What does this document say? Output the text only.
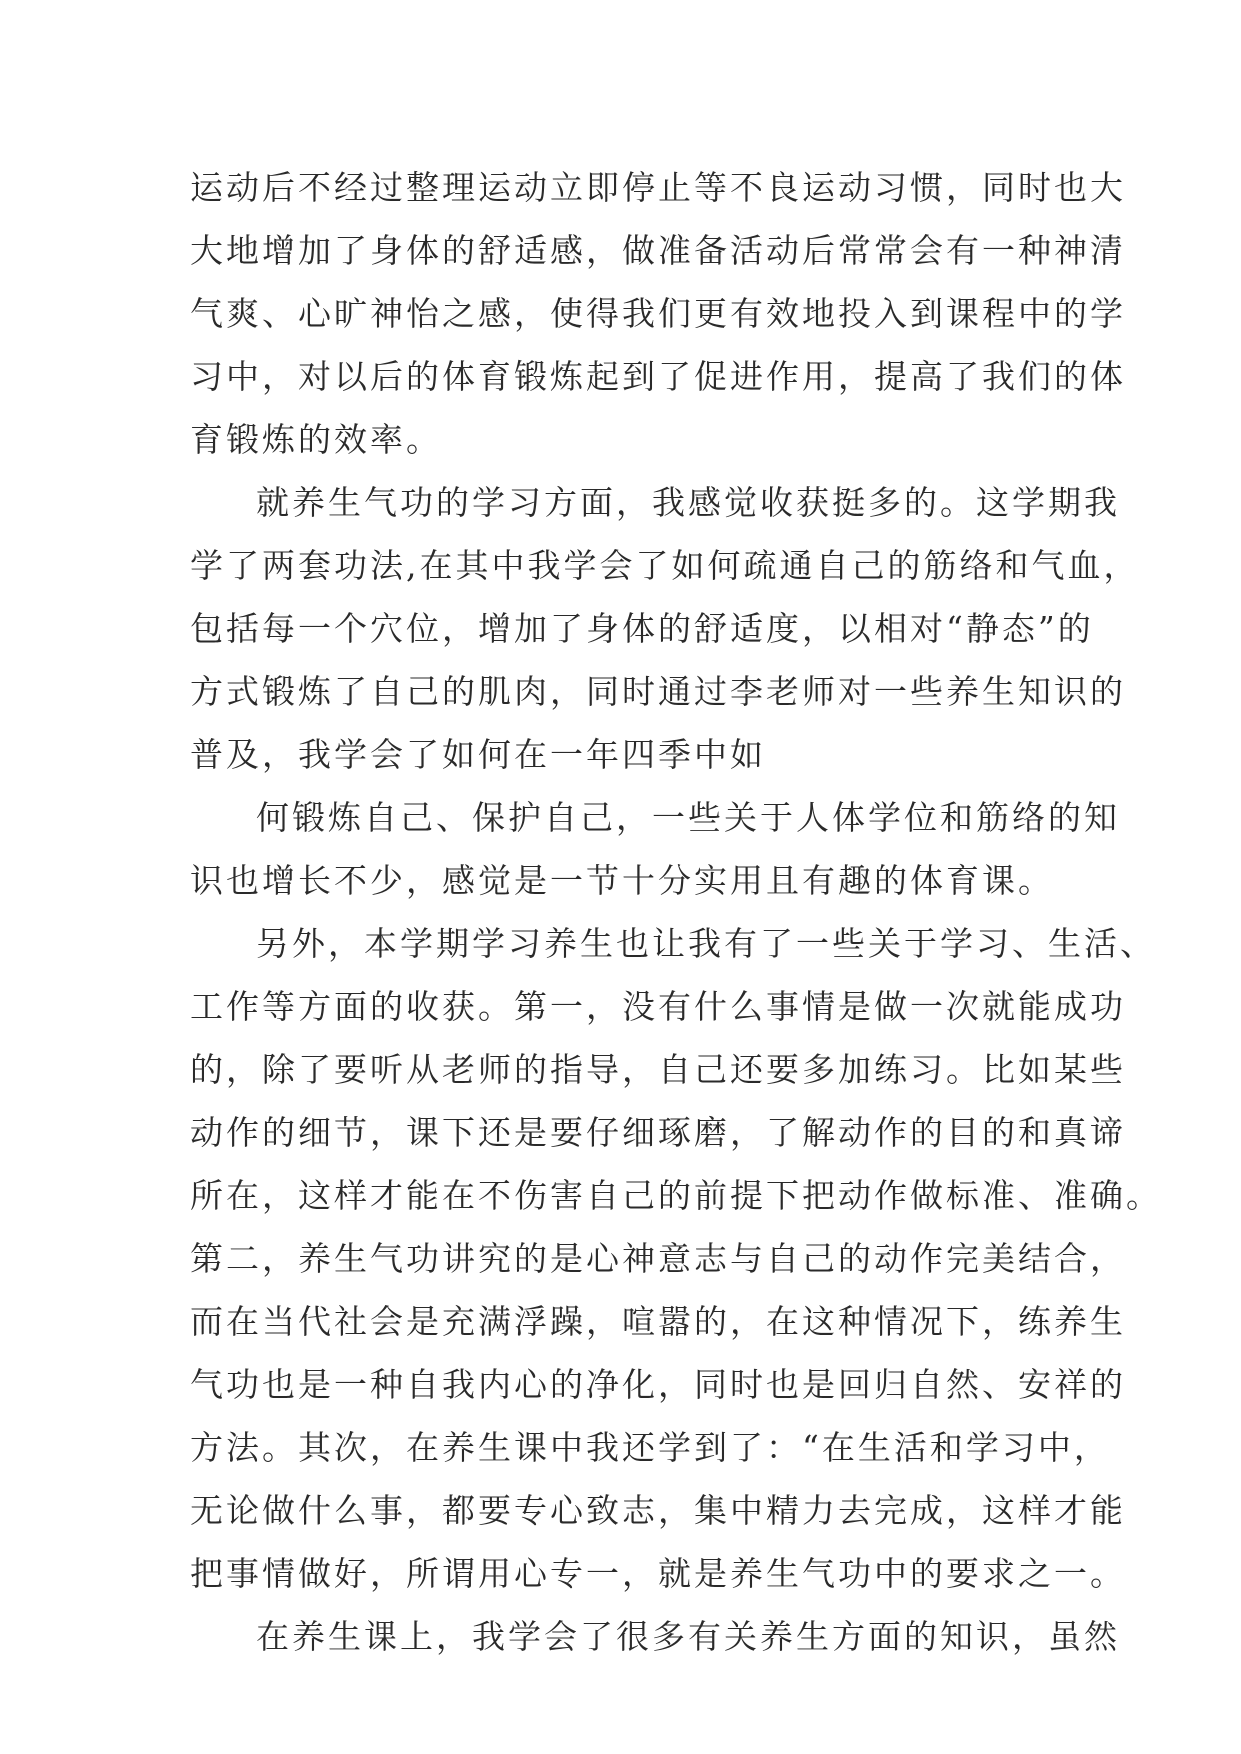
运动后不经过整理运动立即停止等不良运动习惯，同时也大
大地增加了身体的舒适感，做准备活动后常常会有一种神清
气爽、心旷神怡之感，使得我们更有效地投入到课程中的学
习中，对以后的体育锻炼起到了促进作用，提高了我们的体
育锻炼的效率。
就养生气功的学习方面，我感觉收获挺多的。这学期我
学了两套功法,在其中我学会了如何疏通自己的筋络和气血，
包括每一个穴位，增加了身体的舒适度，以相对“静态”的
方式锻炼了自己的肌肉，同时通过李老师对一些养生知识的
普及，我学会了如何在一年四季中如
何锻炼自己、保护自己，一些关于人体学位和筋络的知
识也增长不少，感觉是一节十分实用且有趣的体育课。
另外，本学期学习养生也让我有了一些关于学习、生活、
工作等方面的收获。第一，没有什么事情是做一次就能成功
的，除了要听从老师的指导，自己还要多加练习。比如某些
动作的细节，课下还是要仔细琢磨，了解动作的目的和真谛
所在，这样才能在不伤害自己的前提下把动作做标准、准确。
第二，养生气功讲究的是心神意志与自己的动作完美结合，
而在当代社会是充满浮躁，喧嚣的，在这种情况下，练养生
气功也是一种自我内心的净化，同时也是回归自然、安祥的
方法。其次，在养生课中我还学到了：“在生活和学习中，
无论做什么事，都要专心致志，集中精力去完成，这样才能
把事情做好，所谓用心专一，就是养生气功中的要求之一。
在养生课上，我学会了很多有关养生方面的知识，虽然
